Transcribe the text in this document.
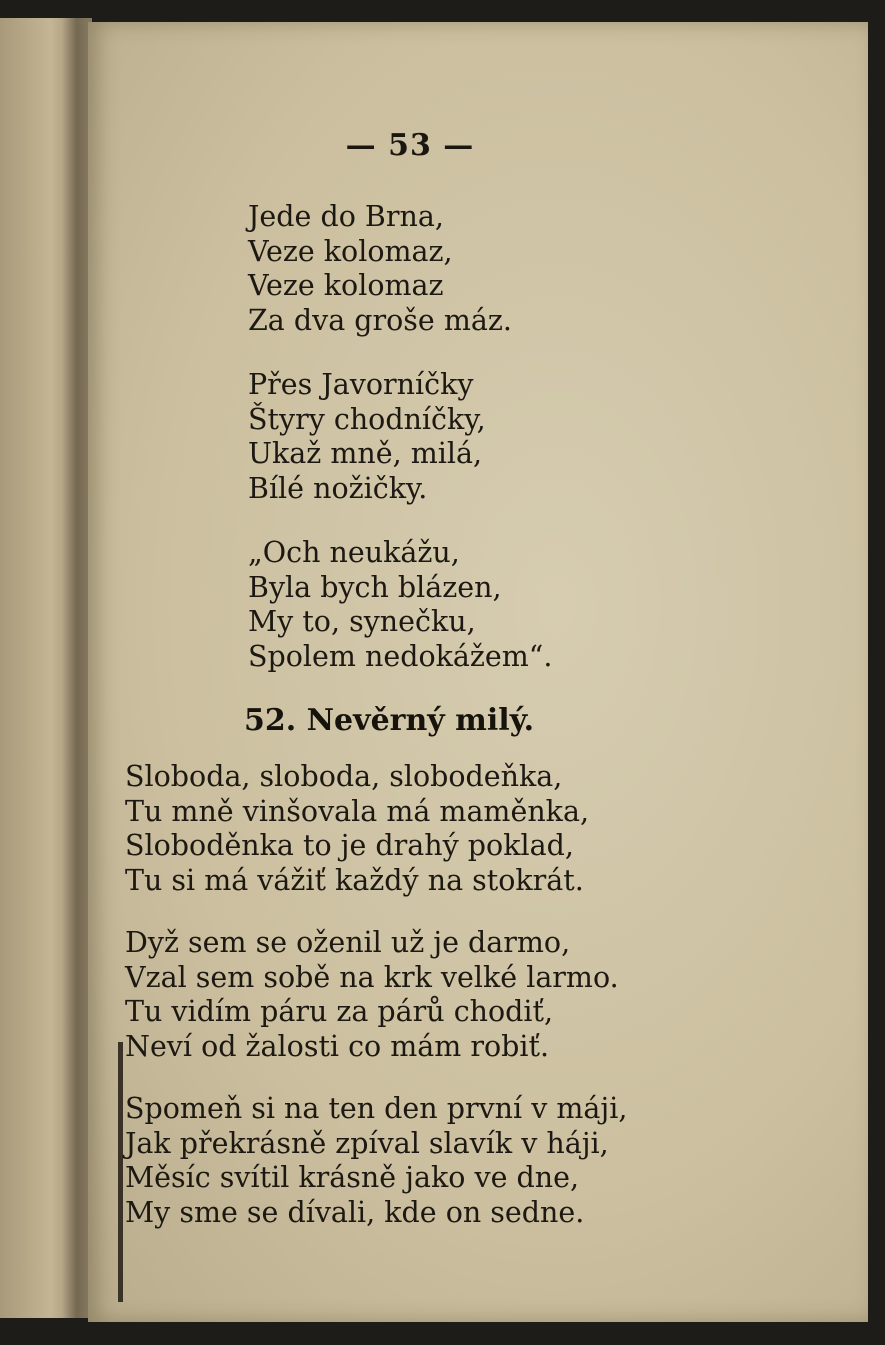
— 53 —
Jede do Brna,
Veze kolomaz,
Veze kolomaz
Za dva groše máz.
Přes Javorníčky
Štyry chodníčky,
Ukaž mně, milá,
Bílé nožičky.
„Och neukážu,
Byla bych blázen,
My to, synečku,
Spolem nedokážem“.
52. Nevěrný milý.
Sloboda, sloboda, slobodeňka,
Tu mně vinšovala má maměnka,
Sloboděnka to je drahý poklad,
Tu si má vážiť každý na stokrát.
Dyž sem se oženil už je darmo,
Vzal sem sobě na krk velké larmo.
Tu vidím páru za párů chodiť,
Neví od žalosti co mám robiť.
Spomeň si na ten den první v máji,
Jak překrásně zpíval slavík v háji,
Měsíc svítil krásně jako ve dne,
My sme se dívali, kde on sedne.
